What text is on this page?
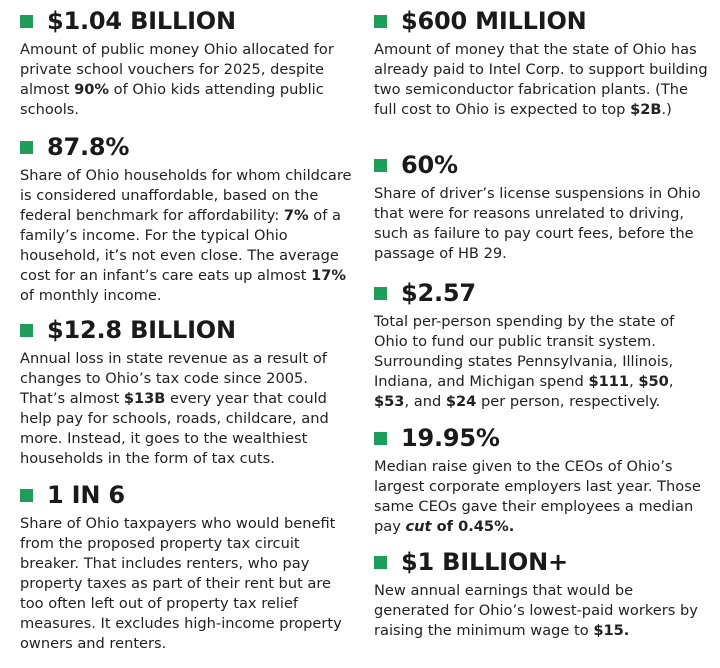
$1.04 BILLION
Amount of public money Ohio allocated for private school vouchers for 2025, despite almost 90% of Ohio kids attending public schools.
87.8%
Share of Ohio households for whom childcare is considered unaffordable, based on the federal benchmark for affordability: 7% of a family’s income. For the typical Ohio household, it’s not even close. The average cost for an infant’s care eats up almost 17% of monthly income.
$12.8 BILLION
Annual loss in state revenue as a result of changes to Ohio’s tax code since 2005. That’s almost $13B every year that could help pay for schools, roads, childcare, and more. Instead, it goes to the wealthiest households in the form of tax cuts.
1 IN 6
Share of Ohio taxpayers who would benefit from the proposed property tax circuit breaker. That includes renters, who pay property taxes as part of their rent but are too often left out of property tax relief measures. It excludes high-income property owners and renters.
$600 MILLION
Amount of money that the state of Ohio has already paid to Intel Corp. to support building two semiconductor fabrication plants. (The full cost to Ohio is expected to top $2B.)
60%
Share of driver’s license suspensions in Ohio that were for reasons unrelated to driving, such as failure to pay court fees, before the passage of HB 29.
$2.57
Total per-person spending by the state of Ohio to fund our public transit system. Surrounding states Pennsylvania, Illinois, Indiana, and Michigan spend $111, $50, $53, and $24 per person, respectively.
19.95%
Median raise given to the CEOs of Ohio’s largest corporate employers last year. Those same CEOs gave their employees a median pay cut of 0.45%.
$1 BILLION+
New annual earnings that would be generated for Ohio’s lowest-paid workers by raising the minimum wage to $15.
